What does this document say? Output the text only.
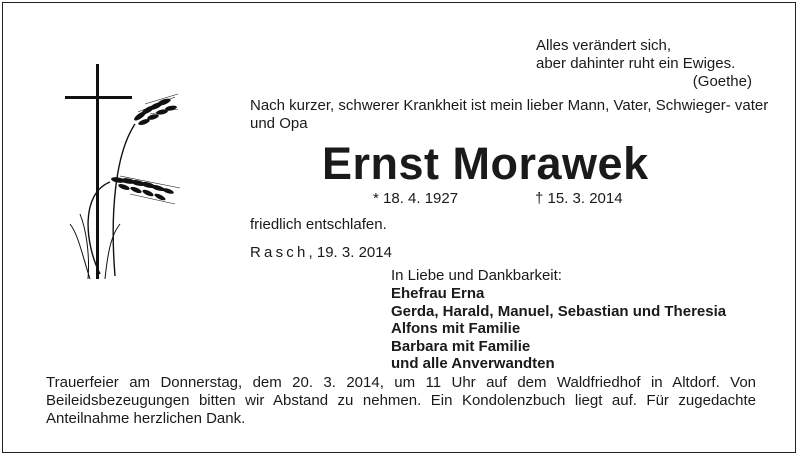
Alles verändert sich,
aber dahinter ruht ein Ewiges.
(Goethe)
Nach kurzer, schwerer Krankheit ist mein lieber Mann, Vater, Schwieger- vater und Opa
Ernst Morawek
* 18. 4. 1927	† 15. 3. 2014
friedlich entschlafen.
Rasch, 19. 3. 2014
In Liebe und Dankbarkeit:
Ehefrau Erna
Gerda, Harald, Manuel, Sebastian und Theresia
Alfons mit Familie
Barbara mit Familie
und alle Anverwandten
Trauerfeier am Donnerstag, dem 20. 3. 2014, um 11 Uhr auf dem Waldfriedhof in Altdorf. Von Beileidsbezeugungen bitten wir Abstand zu nehmen. Ein Kondolenzbuch liegt auf. Für zugedachte Anteilnahme herzlichen Dank.
